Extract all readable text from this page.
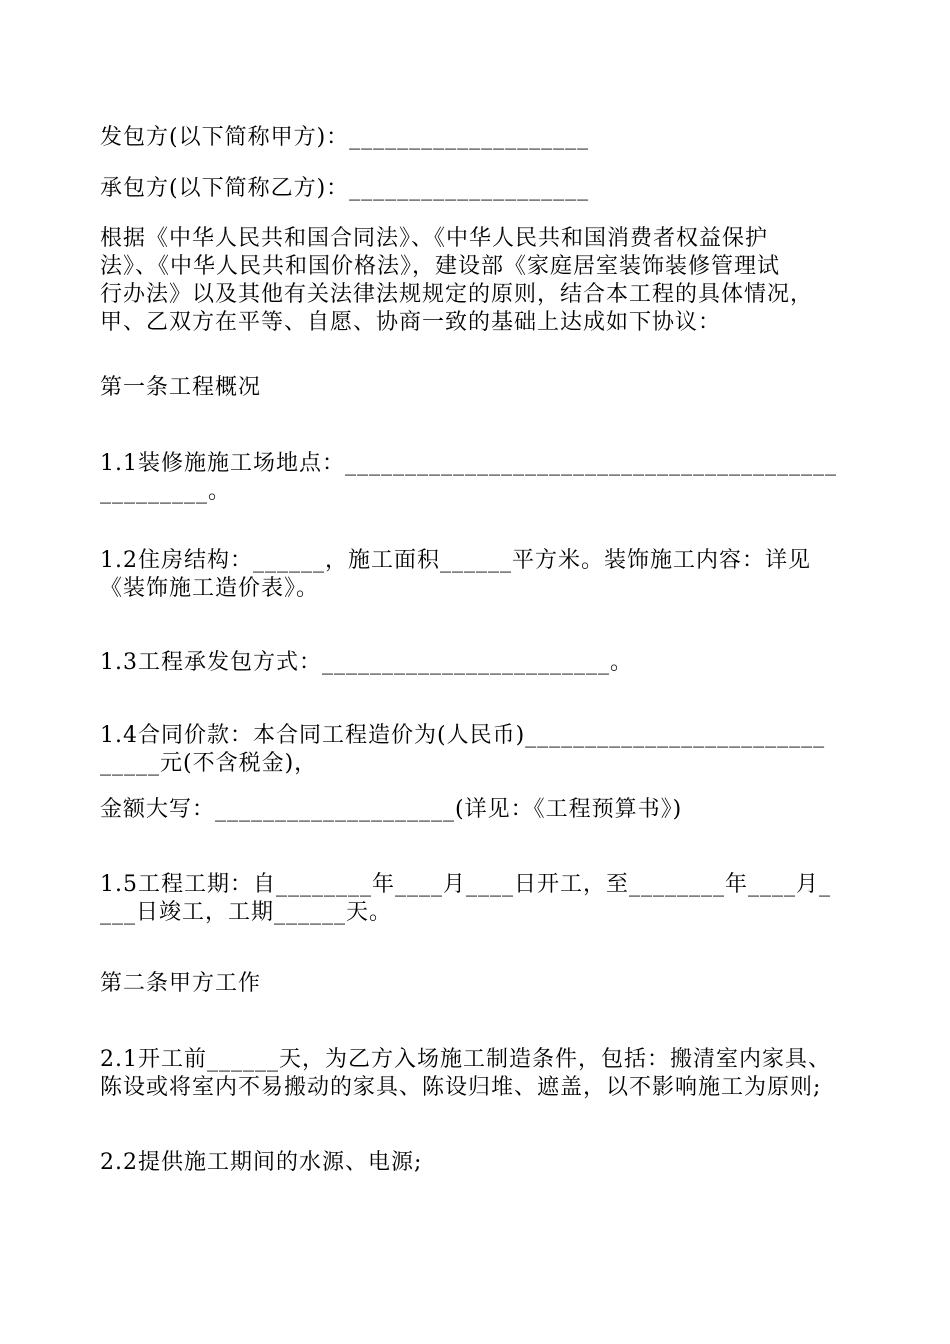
发包方(以下简称甲方)：____________________
承包方(以下简称乙方)：____________________
根据《中华人民共和国合同法》、《中华人民共和国消费者权益保护
法》、《中华人民共和国价格法》，建设部《家庭居室装饰装修管理试
行办法》以及其他有关法律法规规定的原则，结合本工程的具体情况，
甲、乙双方在平等、自愿、协商一致的基础上达成如下协议：
第一条工程概况
1.1装修施施工场地点：_________________________________________
_________。
1.2住房结构：______，施工面积______平方米。装饰施工内容：详见
《装饰施工造价表》。
1.3工程承发包方式：________________________。
1.4合同价款：本合同工程造价为(人民币)_________________________
_____元(不含税金)，
金额大写：____________________(详见：《工程预算书》)
1.5工程工期：自________年____月____日开工，至________年____月_
___日竣工，工期______天。
第二条甲方工作
2.1开工前______天，为乙方入场施工制造条件，包括：搬清室内家具、
陈设或将室内不易搬动的家具、陈设归堆、遮盖，以不影响施工为原则;
2.2提供施工期间的水源、电源;
